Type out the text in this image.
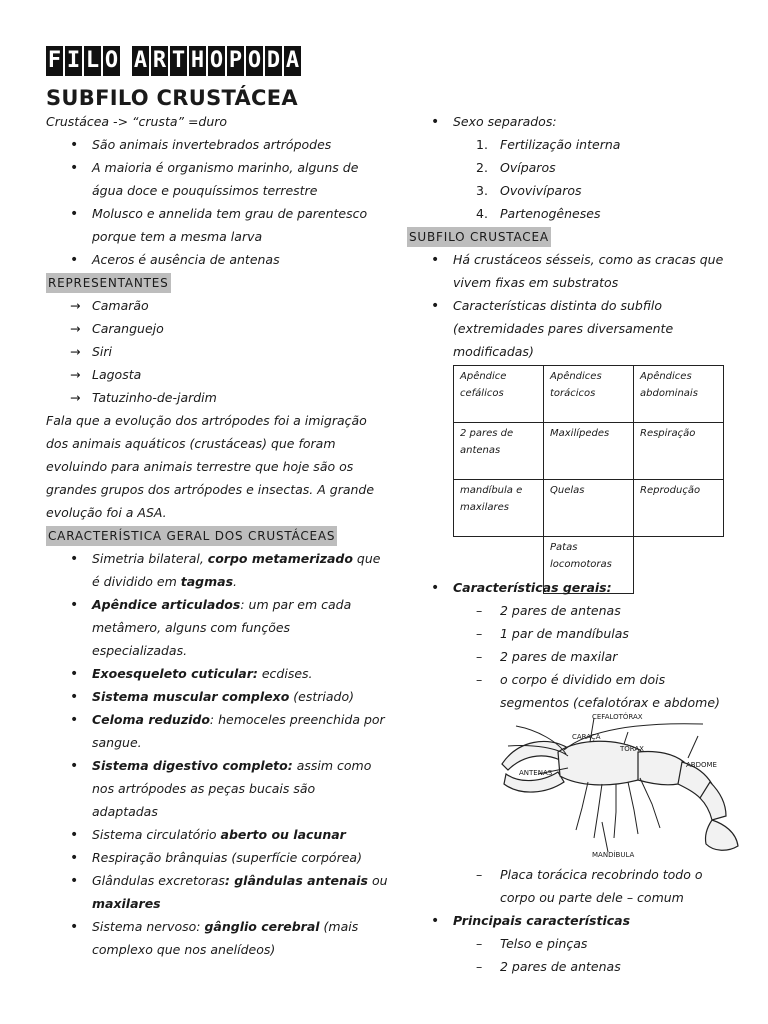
F I L O A R T H O P O D A
SUBFILO CRUSTÁCEA
Crustácea -> “crusta” =duro
• São animais invertebrados artrópodes
• A maioria é organismo marinho, alguns de
água doce e pouquíssimos terrestre
• Molusco e annelida tem grau de parentesco
porque tem a mesma larva
• Aceros é ausência de antenas
REPRESENTANTES
→ Camarão
→ Caranguejo
→ Siri
→ Lagosta
→ Tatuzinho-de-jardim
Fala que a evolução dos artrópodes foi a imigração
dos animais aquáticos (crustáceas) que foram
evoluindo para animais terrestre que hoje são os
grandes grupos dos artrópodes e insectas. A grande
evolução foi a ASA.
CARACTERÍSTICA GERAL DOS CRUSTÁCEAS
• Simetria bilateral, corpo metamerizado que
é dividido em tagmas.
• Apêndice articulados: um par em cada
metâmero, alguns com funções
especializadas.
• Exoesqueleto cuticular: ecdises.
• Sistema muscular complexo (estriado)
• Celoma reduzido: hemoceles preenchida por
sangue.
• Sistema digestivo completo: assim como
nos artrópodes as peças bucais são
adaptadas
• Sistema circulatório aberto ou lacunar
• Respiração brânquias (superfície corpórea)
• Glândulas excretoras: glândulas antenais ou
maxilares
• Sistema nervoso: gânglio cerebral (mais
complexo que nos anelídeos)
• Sexo separados:
1. Fertilização interna
2. Ovíparos
3. Ovovivíparos
4. Partenogêneses
SUBFILO CRUSTACEA
• Há crustáceos sésseis, como as cracas que
vivem fixas em substratos
• Características distinta do subfilo
(extremidades pares diversamente
modificadas)
Apêndice cefálicos	Apêndices torácicos	Apêndices abdominais
2 pares de antenas	Maxilípedes	Respiração
mandíbula e maxilares	Quelas	Reprodução
	Patas locomotoras	
• Características gerais:
– 2 pares de antenas
– 1 par de mandíbulas
– 2 pares de maxilar
– o corpo é dividido em dois
segmentos (cefalotórax e abdome)
CEFALOTÓRAX
CARAÇA
TÓRAX
ABDOME
ANTENAS
MANDÍBULA
– Placa torácica recobrindo todo o
corpo ou parte dele – comum
• Principais características
– Telso e pinças
– 2 pares de antenas
